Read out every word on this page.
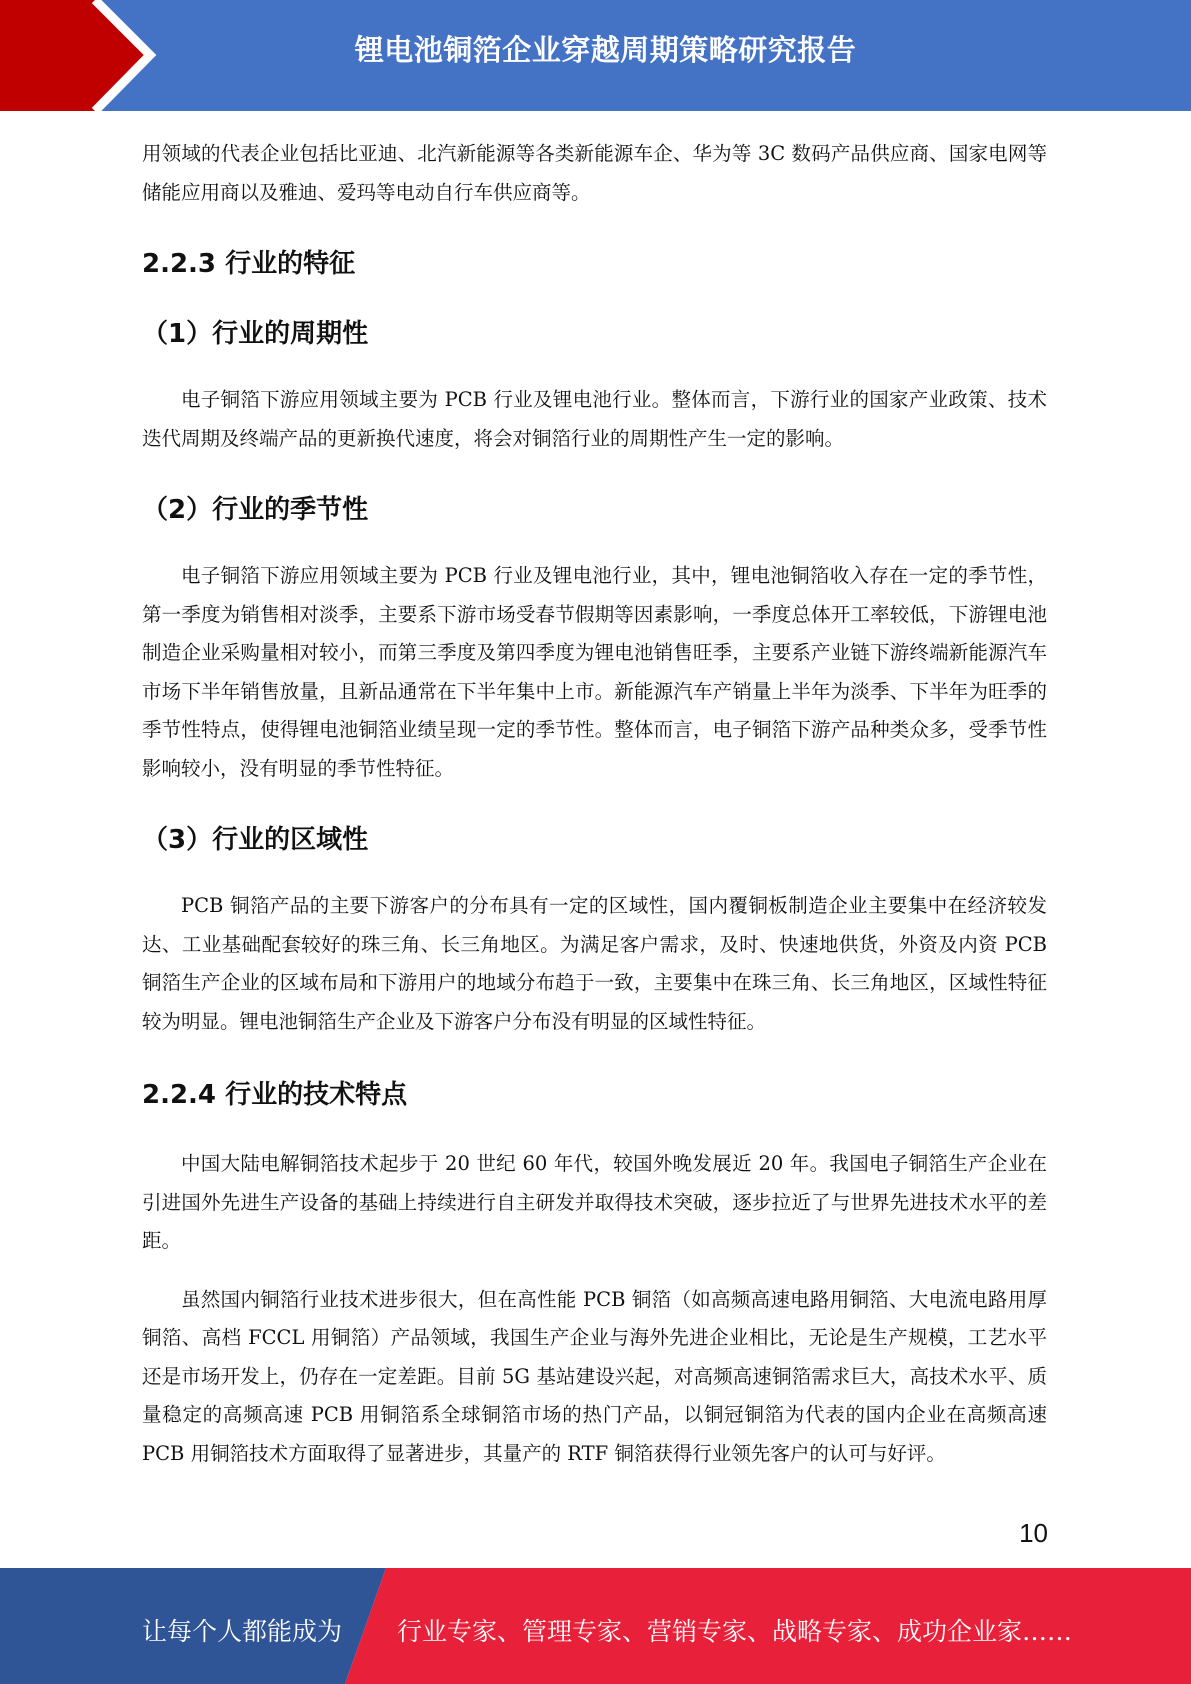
锂电池铜箔企业穿越周期策略研究报告

用领域的代表企业包括比亚迪、北汽新能源等各类新能源车企、华为等 3C 数码产品供应商、国家电网等储能应用商以及雅迪、爱玛等电动自行车供应商等。

2.2.3 行业的特征
（1）行业的周期性

电子铜箔下游应用领域主要为 PCB 行业及锂电池行业。整体而言，下游行业的国家产业政策、技术迭代周期及终端产品的更新换代速度，将会对铜箔行业的周期性产生一定的影响。

（2）行业的季节性

电子铜箔下游应用领域主要为 PCB 行业及锂电池行业，其中，锂电池铜箔收入存在一定的季节性，第一季度为销售相对淡季，主要系下游市场受春节假期等因素影响，一季度总体开工率较低，下游锂电池制造企业采购量相对较小，而第三季度及第四季度为锂电池销售旺季，主要系产业链下游终端新能源汽车市场下半年销售放量，且新品通常在下半年集中上市。新能源汽车产销量上半年为淡季、下半年为旺季的季节性特点，使得锂电池铜箔业绩呈现一定的季节性。整体而言，电子铜箔下游产品种类众多，受季节性影响较小，没有明显的季节性特征。

（3）行业的区域性

PCB 铜箔产品的主要下游客户的分布具有一定的区域性，国内覆铜板制造企业主要集中在经济较发达、工业基础配套较好的珠三角、长三角地区。为满足客户需求，及时、快速地供货，外资及内资 PCB 铜箔生产企业的区域布局和下游用户的地域分布趋于一致，主要集中在珠三角、长三角地区，区域性特征较为明显。锂电池铜箔生产企业及下游客户分布没有明显的区域性特征。

2.2.4 行业的技术特点

中国大陆电解铜箔技术起步于 20 世纪 60 年代，较国外晚发展近 20 年。我国电子铜箔生产企业在引进国外先进生产设备的基础上持续进行自主研发并取得技术突破，逐步拉近了与世界先进技术水平的差距。

虽然国内铜箔行业技术进步很大，但在高性能 PCB 铜箔（如高频高速电路用铜箔、大电流电路用厚铜箔、高档 FCCL 用铜箔）产品领域，我国生产企业与海外先进企业相比，无论是生产规模，工艺水平还是市场开发上，仍存在一定差距。目前 5G 基站建设兴起，对高频高速铜箔需求巨大，高技术水平、质量稳定的高频高速 PCB 用铜箔系全球铜箔市场的热门产品，以铜冠铜箔为代表的国内企业在高频高速 PCB 用铜箔技术方面取得了显著进步，其量产的 RTF 铜箔获得行业领先客户的认可与好评。

10
让每个人都能成为 行业专家、管理专家、营销专家、战略专家、成功企业家……
